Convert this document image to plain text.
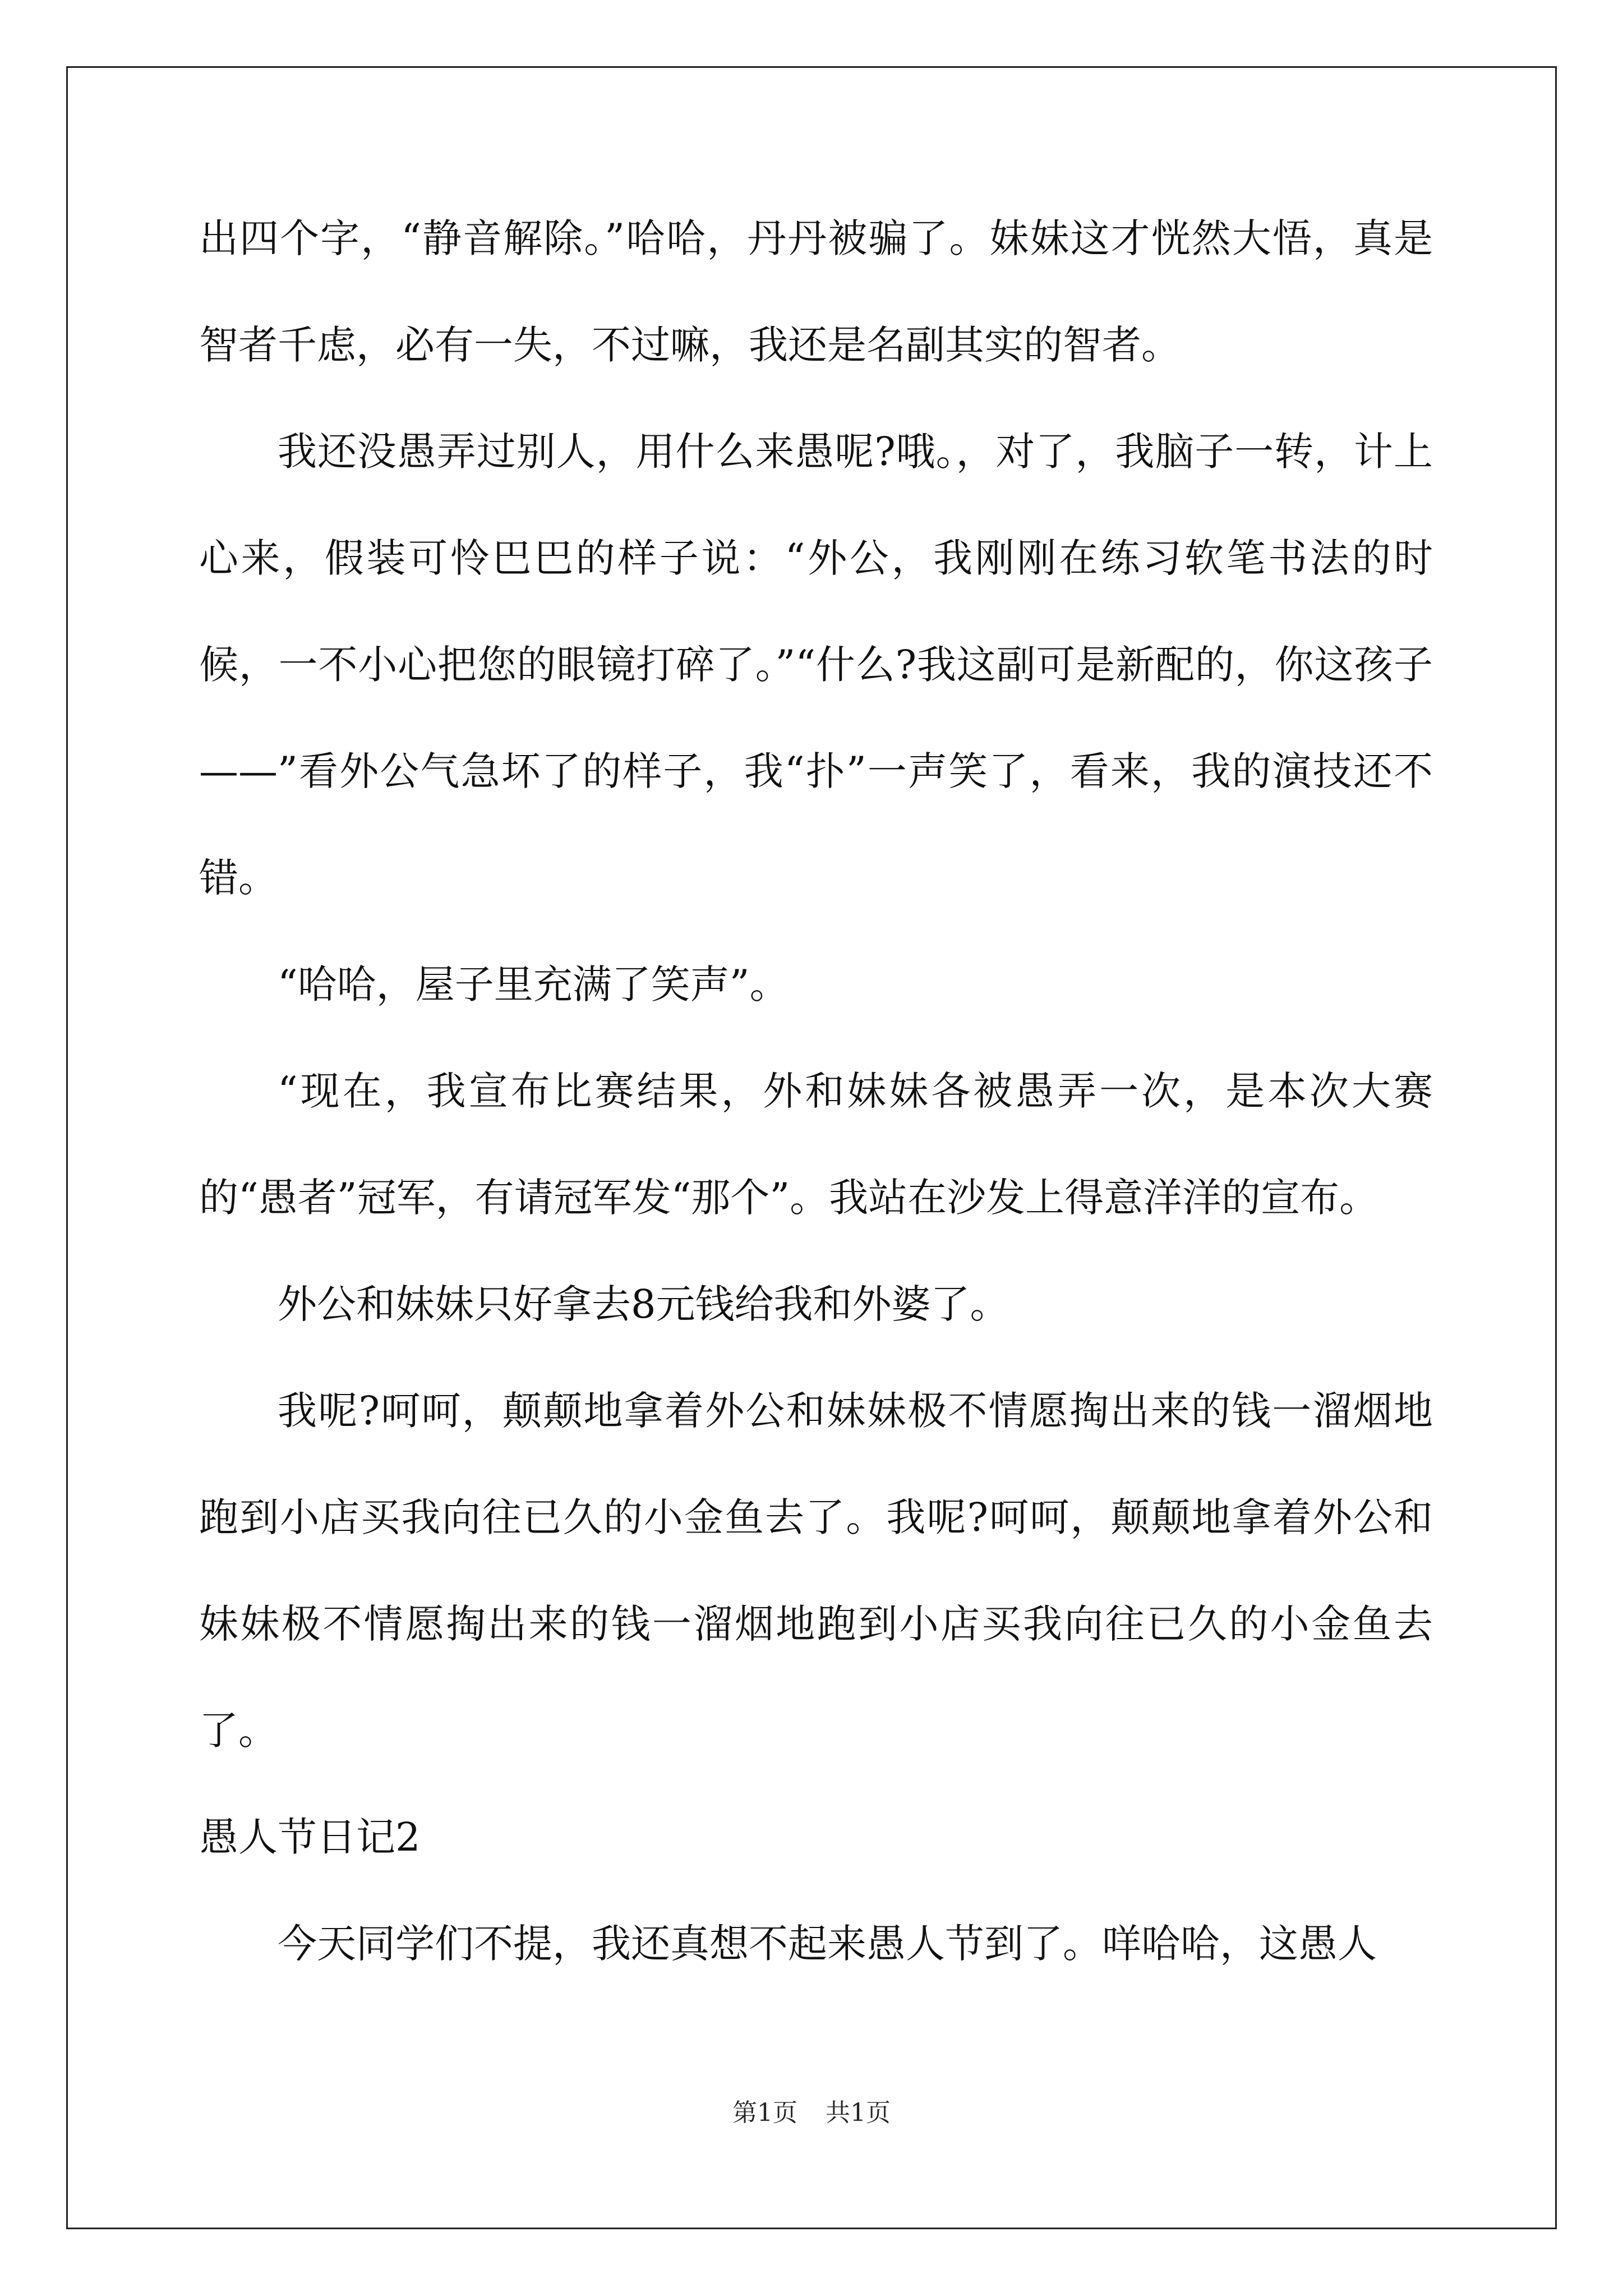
出四个字，“静音解除。”哈哈，丹丹被骗了。妹妹这才恍然大悟，真是智者千虑，必有一失，不过嘛，我还是名副其实的智者。

我还没愚弄过别人，用什么来愚呢?哦。，对了，我脑子一转，计上心来，假装可怜巴巴的样子说：“外公，我刚刚在练习软笔书法的时候，一不小心把您的眼镜打碎了。”“什么?我这副可是新配的，你这孩子——”看外公气急坏了的样子，我“扑”一声笑了，看来，我的演技还不错。

“哈哈，屋子里充满了笑声”。

“现在，我宣布比赛结果，外和妹妹各被愚弄一次，是本次大赛的“愚者”冠军，有请冠军发“那个”。我站在沙发上得意洋洋的宣布。

外公和妹妹只好拿去8元钱给我和外婆了。

我呢?呵呵，颠颠地拿着外公和妹妹极不情愿掏出来的钱一溜烟地跑到小店买我向往已久的小金鱼去了。我呢?呵呵，颠颠地拿着外公和妹妹极不情愿掏出来的钱一溜烟地跑到小店买我向往已久的小金鱼去了。

愚人节日记2

今天同学们不提，我还真想不起来愚人节到了。咩哈哈，这愚人

第1页 共1页
